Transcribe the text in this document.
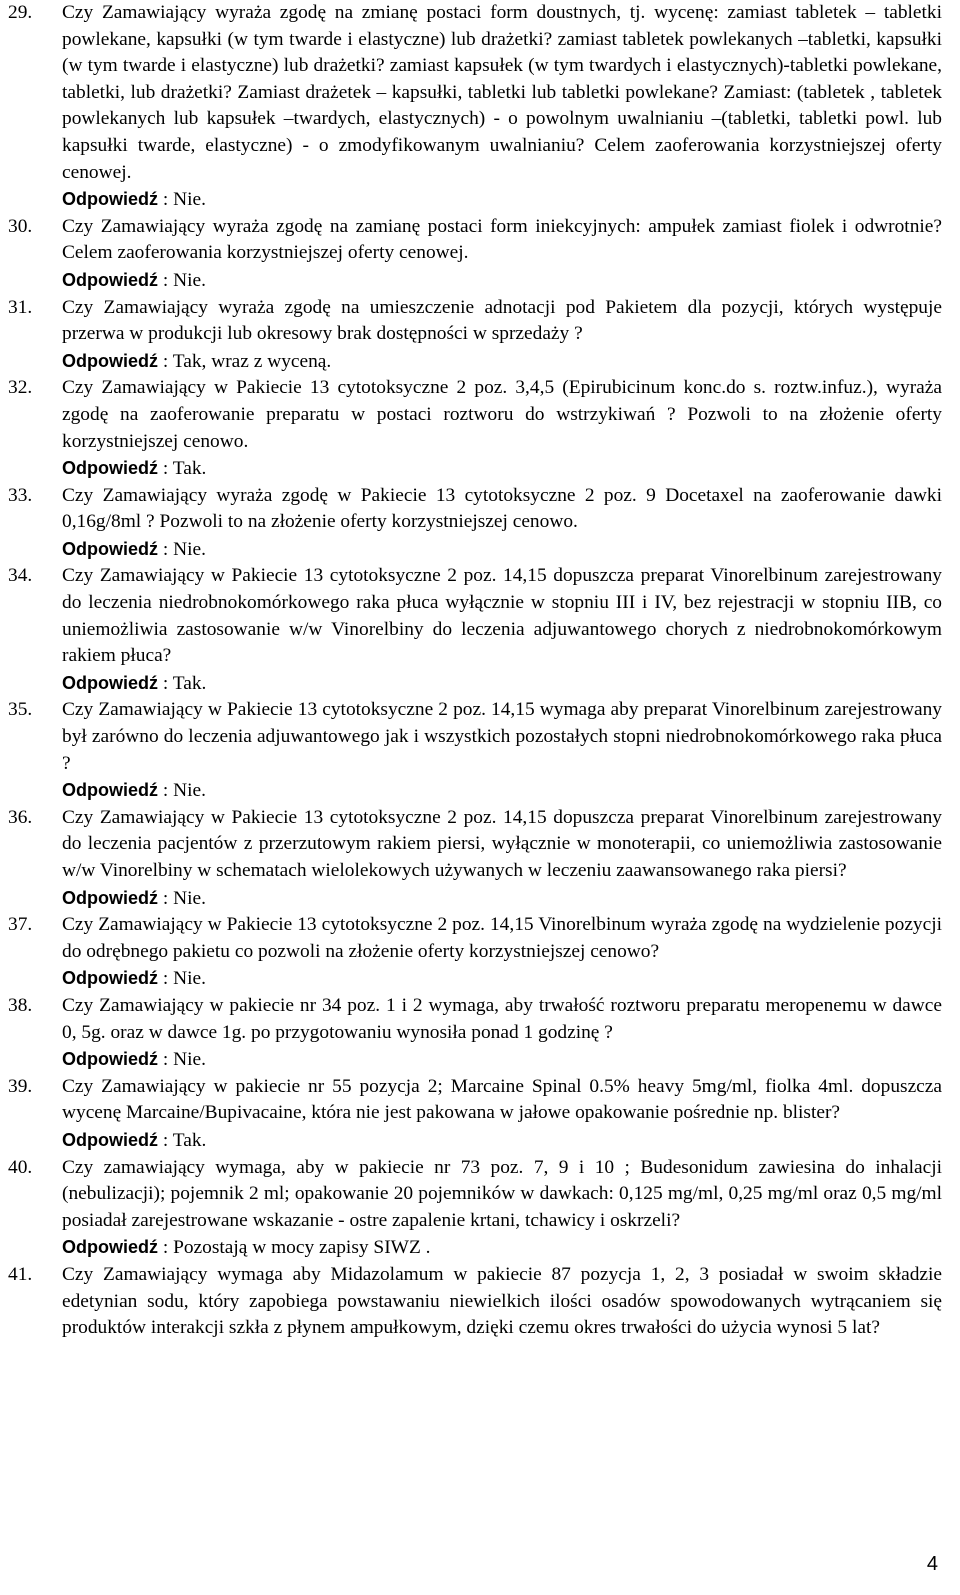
29. Czy Zamawiający wyraża zgodę na zmianę postaci form doustnych, tj. wycenę: zamiast tabletek – tabletki powlekane, kapsułki (w tym twarde i elastyczne) lub drażetki? zamiast tabletek powlekanych –tabletki, kapsułki (w tym twarde i elastyczne) lub drażetki? zamiast kapsułek (w tym twardych i elastycznych)-tabletki powlekane, tabletki, lub drażetki? Zamiast drażetek – kapsułki, tabletki lub tabletki powlekane? Zamiast: (tabletek , tabletek powlekanych lub kapsułek –twardych, elastycznych) - o powolnym uwalnianiu –(tabletki, tabletki powl. lub kapsułki twarde, elastyczne) - o zmodyfikowanym uwalnianiu? Celem zaoferowania korzystniejszej oferty cenowej.
Odpowiedź : Nie.
30. Czy Zamawiający wyraża zgodę na zamianę postaci form iniekcyjnych: ampułek zamiast fiolek i odwrotnie? Celem zaoferowania korzystniejszej oferty cenowej.
Odpowiedź : Nie.
31. Czy Zamawiający wyraża zgodę na umieszczenie adnotacji pod Pakietem dla pozycji, których występuje przerwa w produkcji lub okresowy brak dostępności w sprzedaży ?
Odpowiedź : Tak, wraz z wyceną.
32. Czy Zamawiający w Pakiecie 13 cytotoksyczne 2 poz. 3,4,5 (Epirubicinum konc.do s. roztw.infuz.), wyraża zgodę na zaoferowanie preparatu w postaci roztworu do wstrzykiwań ? Pozwoli to na złożenie oferty korzystniejszej cenowo.
Odpowiedź : Tak.
33. Czy Zamawiający wyraża zgodę w Pakiecie 13 cytotoksyczne 2 poz. 9 Docetaxel na zaoferowanie dawki 0,16g/8ml ? Pozwoli to na złożenie oferty korzystniejszej cenowo.
Odpowiedź : Nie.
34. Czy Zamawiający w Pakiecie 13 cytotoksyczne 2 poz. 14,15 dopuszcza preparat Vinorelbinum zarejestrowany do leczenia niedrobnokomórkowego raka płuca wyłącznie w stopniu III i IV, bez rejestracji w stopniu IIB, co uniemożliwia zastosowanie w/w Vinorelbiny do leczenia adjuwantowego chorych z niedrobnokomórkowym rakiem płuca?
Odpowiedź : Tak.
35. Czy Zamawiający w Pakiecie 13 cytotoksyczne 2 poz. 14,15 wymaga aby preparat Vinorelbinum zarejestrowany był zarówno do leczenia adjuwantowego jak i wszystkich pozostałych stopni niedrobnokomórkowego raka płuca ?
Odpowiedź : Nie.
36. Czy Zamawiający w Pakiecie 13 cytotoksyczne 2 poz. 14,15 dopuszcza preparat Vinorelbinum zarejestrowany do leczenia pacjentów z przerzutowym rakiem piersi, wyłącznie w monoterapii, co uniemożliwia zastosowanie w/w Vinorelbiny w schematach wielolekowych używanych w leczeniu zaawansowanego raka piersi?
Odpowiedź : Nie.
37. Czy Zamawiający w Pakiecie 13 cytotoksyczne 2 poz. 14,15 Vinorelbinum wyraża zgodę na wydzielenie pozycji do odrębnego pakietu co pozwoli na złożenie oferty korzystniejszej cenowo?
Odpowiedź : Nie.
38. Czy Zamawiający w pakiecie nr 34 poz. 1 i 2 wymaga, aby trwałość roztworu preparatu meropenemu w dawce 0, 5g. oraz w dawce 1g. po przygotowaniu wynosiła ponad 1 godzinę ?
Odpowiedź : Nie.
39. Czy Zamawiający w pakiecie nr 55 pozycja 2; Marcaine Spinal 0.5% heavy 5mg/ml, fiolka 4ml. dopuszcza wycenę Marcaine/Bupivacaine, która nie jest pakowana w jałowe opakowanie pośrednie np. blister?
Odpowiedź : Tak.
40. Czy zamawiający wymaga, aby w pakiecie nr 73 poz. 7, 9 i 10 ; Budesonidum zawiesina do inhalacji (nebulizacji); pojemnik 2 ml; opakowanie 20 pojemników w dawkach: 0,125 mg/ml, 0,25 mg/ml oraz 0,5 mg/ml posiadał zarejestrowane wskazanie - ostre zapalenie krtani, tchawicy i oskrzeli?
Odpowiedź : Pozostają w mocy zapisy SIWZ .
41. Czy Zamawiający wymaga aby Midazolamum w pakiecie 87 pozycja 1, 2, 3 posiadał w swoim składzie edetynian sodu, który zapobiega powstawaniu niewielkich ilości osadów spowodowanych wytrącaniem się produktów interakcji szkła z płynem ampułkowym, dzięki czemu okres trwałości do użycia wynosi 5 lat?
4
